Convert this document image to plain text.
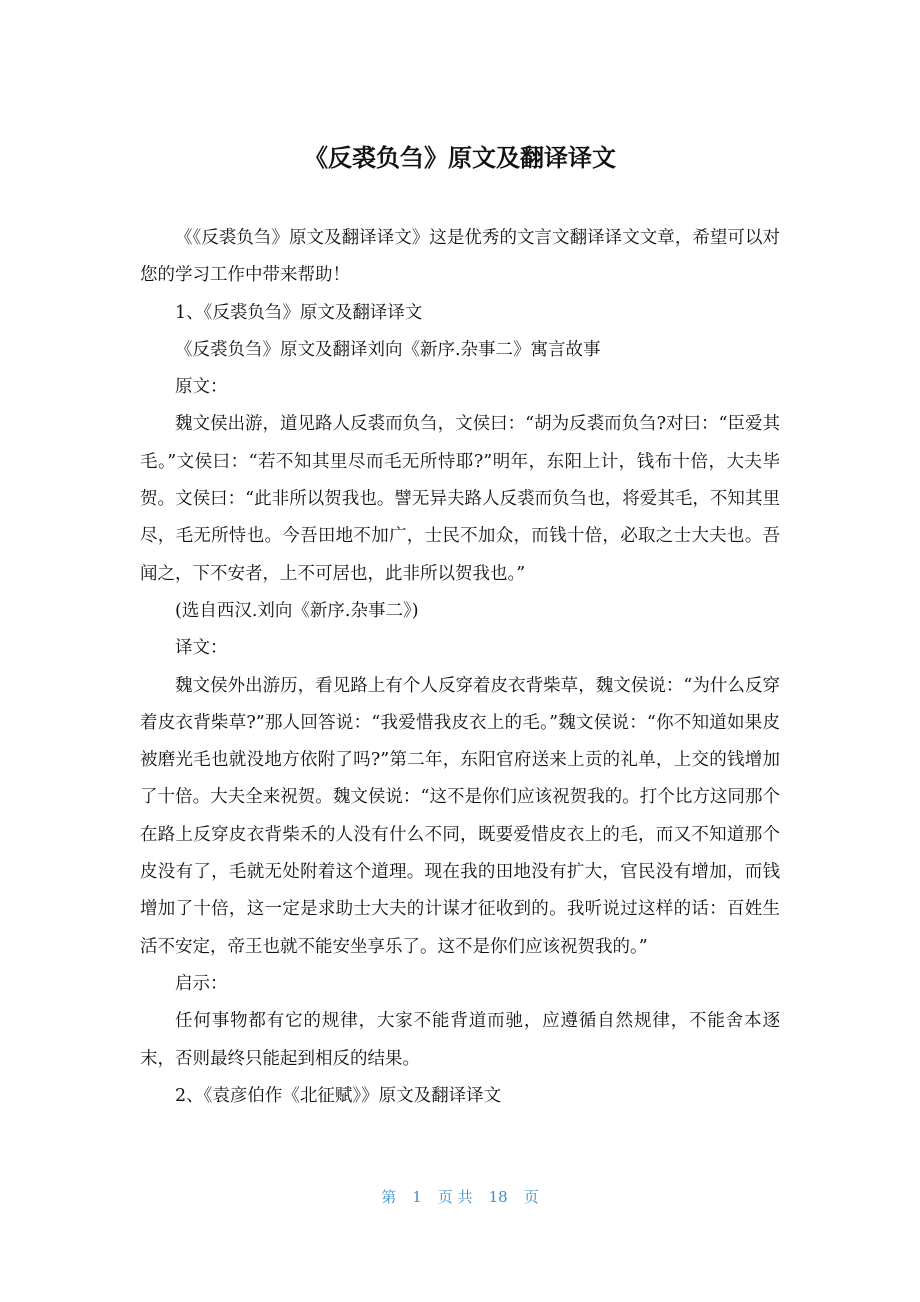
《反裘负刍》原文及翻译译文

《《反裘负刍》原文及翻译译文》这是优秀的文言文翻译译文文章，希望可以对您的学习工作中带来帮助！

1、《反裘负刍》原文及翻译译文

《反裘负刍》原文及翻译刘向《新序.杂事二》寓言故事

原文：

魏文侯出游，道见路人反裘而负刍，文侯曰：“胡为反裘而负刍?对曰：“臣爱其毛。”文侯曰：“若不知其里尽而毛无所恃耶?”明年，东阳上计，钱布十倍，大夫毕贺。文侯曰：“此非所以贺我也。譬无异夫路人反裘而负刍也，将爱其毛，不知其里尽，毛无所恃也。今吾田地不加广，士民不加众，而钱十倍，必取之士大夫也。吾闻之，下不安者，上不可居也，此非所以贺我也。”

(选自西汉.刘向《新序.杂事二》)

译文：

魏文侯外出游历，看见路上有个人反穿着皮衣背柴草，魏文侯说：“为什么反穿着皮衣背柴草?”那人回答说：“我爱惜我皮衣上的毛。”魏文侯说：“你不知道如果皮被磨光毛也就没地方依附了吗?”第二年，东阳官府送来上贡的礼单，上交的钱增加了十倍。大夫全来祝贺。魏文侯说：“这不是你们应该祝贺我的。打个比方这同那个在路上反穿皮衣背柴禾的人没有什么不同，既要爱惜皮衣上的毛，而又不知道那个皮没有了，毛就无处附着这个道理。现在我的田地没有扩大，官民没有增加，而钱增加了十倍，这一定是求助士大夫的计谋才征收到的。我听说过这样的话：百姓生活不安定，帝王也就不能安坐享乐了。这不是你们应该祝贺我的。”

启示：

任何事物都有它的规律，大家不能背道而驰，应遵循自然规律，不能舍本逐末，否则最终只能起到相反的结果。

2、《袁彦伯作《北征赋》》原文及翻译译文

第 1 页 共 18 页
